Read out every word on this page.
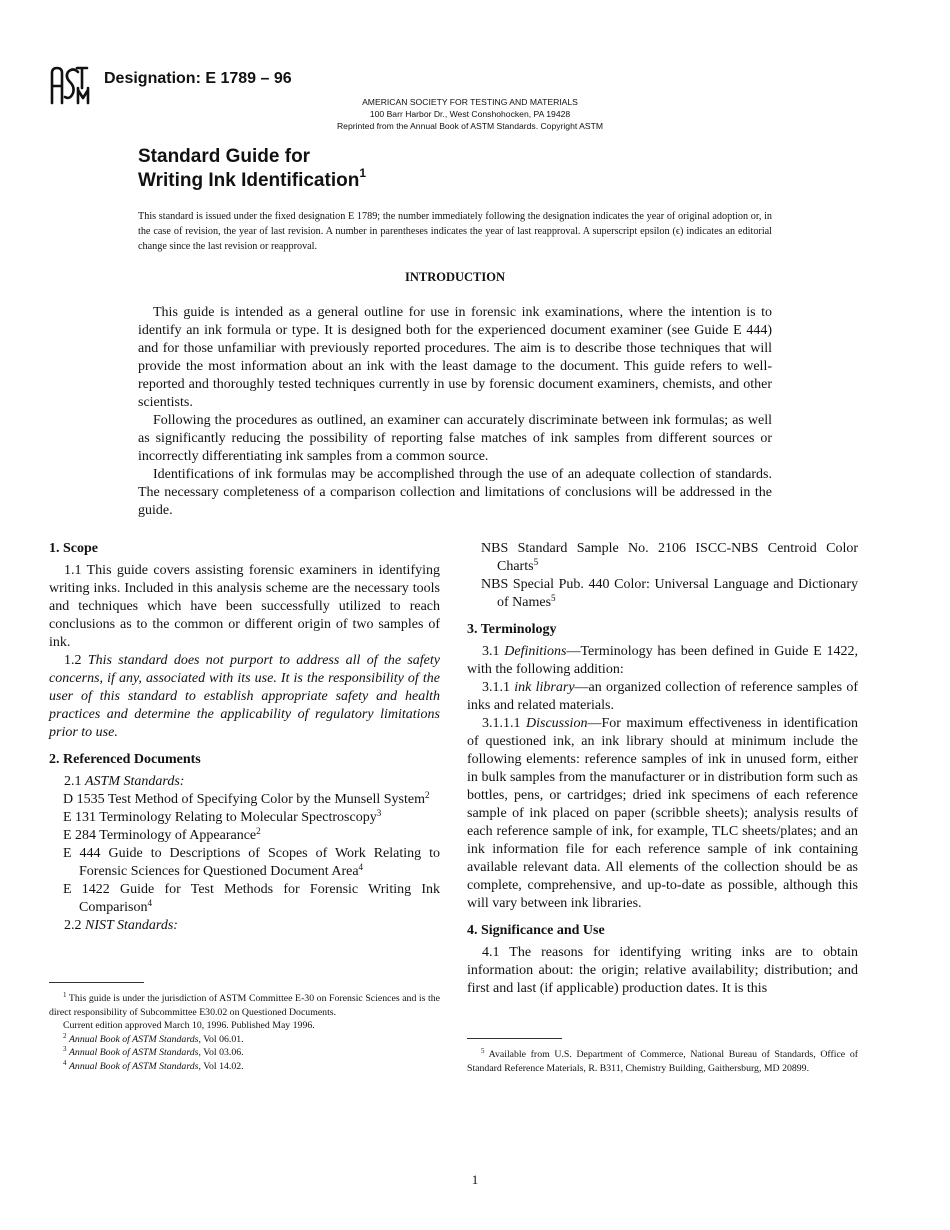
Designation: E 1789 – 96
AMERICAN SOCIETY FOR TESTING AND MATERIALS
100 Barr Harbor Dr., West Conshohocken, PA 19428
Reprinted from the Annual Book of ASTM Standards. Copyright ASTM
Standard Guide for
Writing Ink Identification$^1$

This standard is issued under the fixed designation E 1789; the number immediately following the designation indicates the year of original adoption or, in the case of revision, the year of last revision. A number in parentheses indicates the year of last reapproval. A superscript epsilon (ϵ) indicates an editorial change since the last revision or reapproval.

INTRODUCTION

This guide is intended as a general outline for use in forensic ink examinations, where the intention is to identify an ink formula or type. It is designed both for the experienced document examiner (see Guide E 444) and for those unfamiliar with previously reported procedures. The aim is to describe those techniques that will provide the most information about an ink with the least damage to the document. This guide refers to well-reported and thoroughly tested techniques currently in use by forensic document examiners, chemists, and other scientists.

Following the procedures as outlined, an examiner can accurately discriminate between ink formulas; as well as significantly reducing the possibility of reporting false matches of ink samples from different sources or incorrectly differentiating ink samples from a common source.

Identifications of ink formulas may be accomplished through the use of an adequate collection of standards. The necessary completeness of a comparison collection and limitations of conclusions will be addressed in the guide.

1. Scope

1.1 This guide covers assisting forensic examiners in identifying writing inks. Included in this analysis scheme are the necessary tools and techniques which have been successfully utilized to reach conclusions as to the common or different origin of two samples of ink.

1.2 This standard does not purport to address all of the safety concerns, if any, associated with its use. It is the responsibility of the user of this standard to establish appropriate safety and health practices and determine the applicability of regulatory limitations prior to use.

2. Referenced Documents

2.1 ASTM Standards:

D 1535 Test Method of Specifying Color by the Munsell System$^2$

E 131 Terminology Relating to Molecular Spectroscopy$^3$

E 284 Terminology of Appearance$^2$

E 444 Guide to Descriptions of Scopes of Work Relating to Forensic Sciences for Questioned Document Area$^4$

E 1422 Guide for Test Methods for Forensic Writing Ink Comparison$^4$

2.2 NIST Standards:

$^1$ This guide is under the jurisdiction of ASTM Committee E-30 on Forensic Sciences and is the direct responsibility of Subcommittee E30.02 on Questioned Documents.

Current edition approved March 10, 1996. Published May 1996.

$^2$ Annual Book of ASTM Standards, Vol 06.01.

$^3$ Annual Book of ASTM Standards, Vol 03.06.

$^4$ Annual Book of ASTM Standards, Vol 14.02.

NBS Standard Sample No. 2106 ISCC-NBS Centroid Color Charts$^5$

NBS Special Pub. 440 Color: Universal Language and Dictionary of Names$^5$

3. Terminology

3.1 Definitions—Terminology has been defined in Guide E 1422, with the following addition:

3.1.1 ink library—an organized collection of reference samples of inks and related materials.

3.1.1.1 Discussion—For maximum effectiveness in identification of questioned ink, an ink library should at minimum include the following elements: reference samples of ink in unused form, either in bulk samples from the manufacturer or in distribution form such as bottles, pens, or cartridges; dried ink specimens of each reference sample of ink placed on paper (scribble sheets); analysis results of each reference sample of ink, for example, TLC sheets/plates; and an ink information file for each reference sample of ink containing available relevant data. All elements of the collection should be as complete, comprehensive, and up-to-date as possible, although this will vary between ink libraries.

4. Significance and Use

4.1 The reasons for identifying writing inks are to obtain information about: the origin; relative availability; distribution; and first and last (if applicable) production dates. It is this

$^5$ Available from U.S. Department of Commerce, National Bureau of Standards, Office of Standard Reference Materials, R. B311, Chemistry Building, Gaithersburg, MD 20899.

1
